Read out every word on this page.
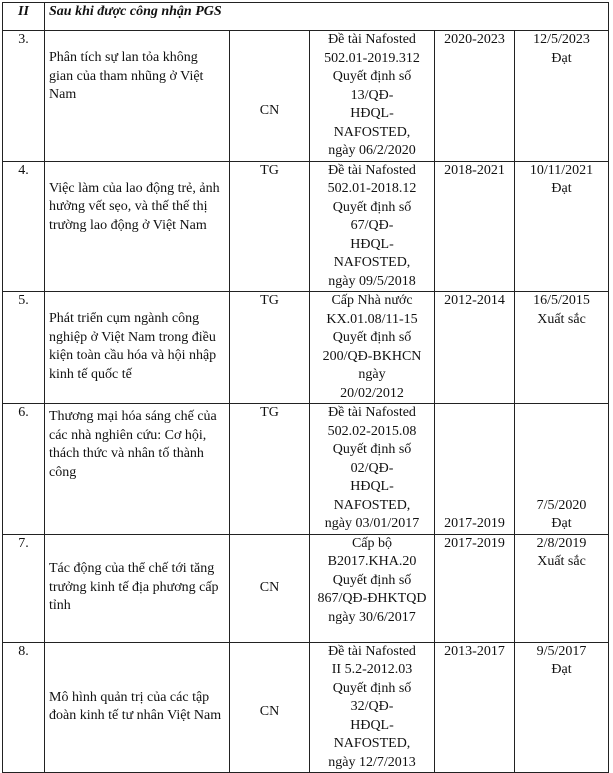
II	Sau khi được công nhận PGS				
3.	Phân tích sự lan tỏa không gian của tham nhũng ở Việt Nam	CN	Đề tài Nafosted
502.01-2019.312
Quyết định số 13/QĐ-
HĐQL-NAFOSTED,
ngày 06/2/2020	2020-2023	12/5/2023
Đạt

4.	Việc làm của lao động trẻ, ảnh hưởng vết sẹo, và thế thế thị trường lao động ở Việt Nam	TG	Đề tài Nafosted
502.01-2018.12
Quyết định số 67/QĐ-
HĐQL-NAFOSTED,
ngày 09/5/2018	2018-2021	10/11/2021
Đạt

5.	Phát triển cụm ngành công nghiệp ở Việt Nam trong điều kiện toàn cầu hóa và hội nhập kinh tế quốc tế	TG	Cấp Nhà nước
KX.01.08/11-15
Quyết định số
200/QĐ-BKHCN ngày
20/02/2012	2012-2014	16/5/2015
Xuất sắc

6.	Thương mại hóa sáng chế của các nhà nghiên cứu: Cơ hội, thách thức và nhân tố thành công	TG	Đề tài Nafosted
502.02-2015.08
Quyết định số 02/QĐ-
HĐQL-NAFOSTED,
ngày 03/01/2017	2017-2019	7/5/2020
Đạt

7.	Tác động của thể chế tới tăng trưởng kinh tế địa phương cấp tỉnh	CN	Cấp bộ
B2017.KHA.20
Quyết định số
867/QĐ-ĐHKTQD
ngày 30/6/2017	2017-2019	2/8/2019
Xuất sắc

8.	Mô hình quản trị của các tập đoàn kinh tế tư nhân Việt Nam	CN	Đề tài Nafosted
II 5.2-2012.03
Quyết định số 32/QĐ-
HĐQL-NAFOSTED,
ngày 12/7/2013	2013-2017	9/5/2017
Đạt
